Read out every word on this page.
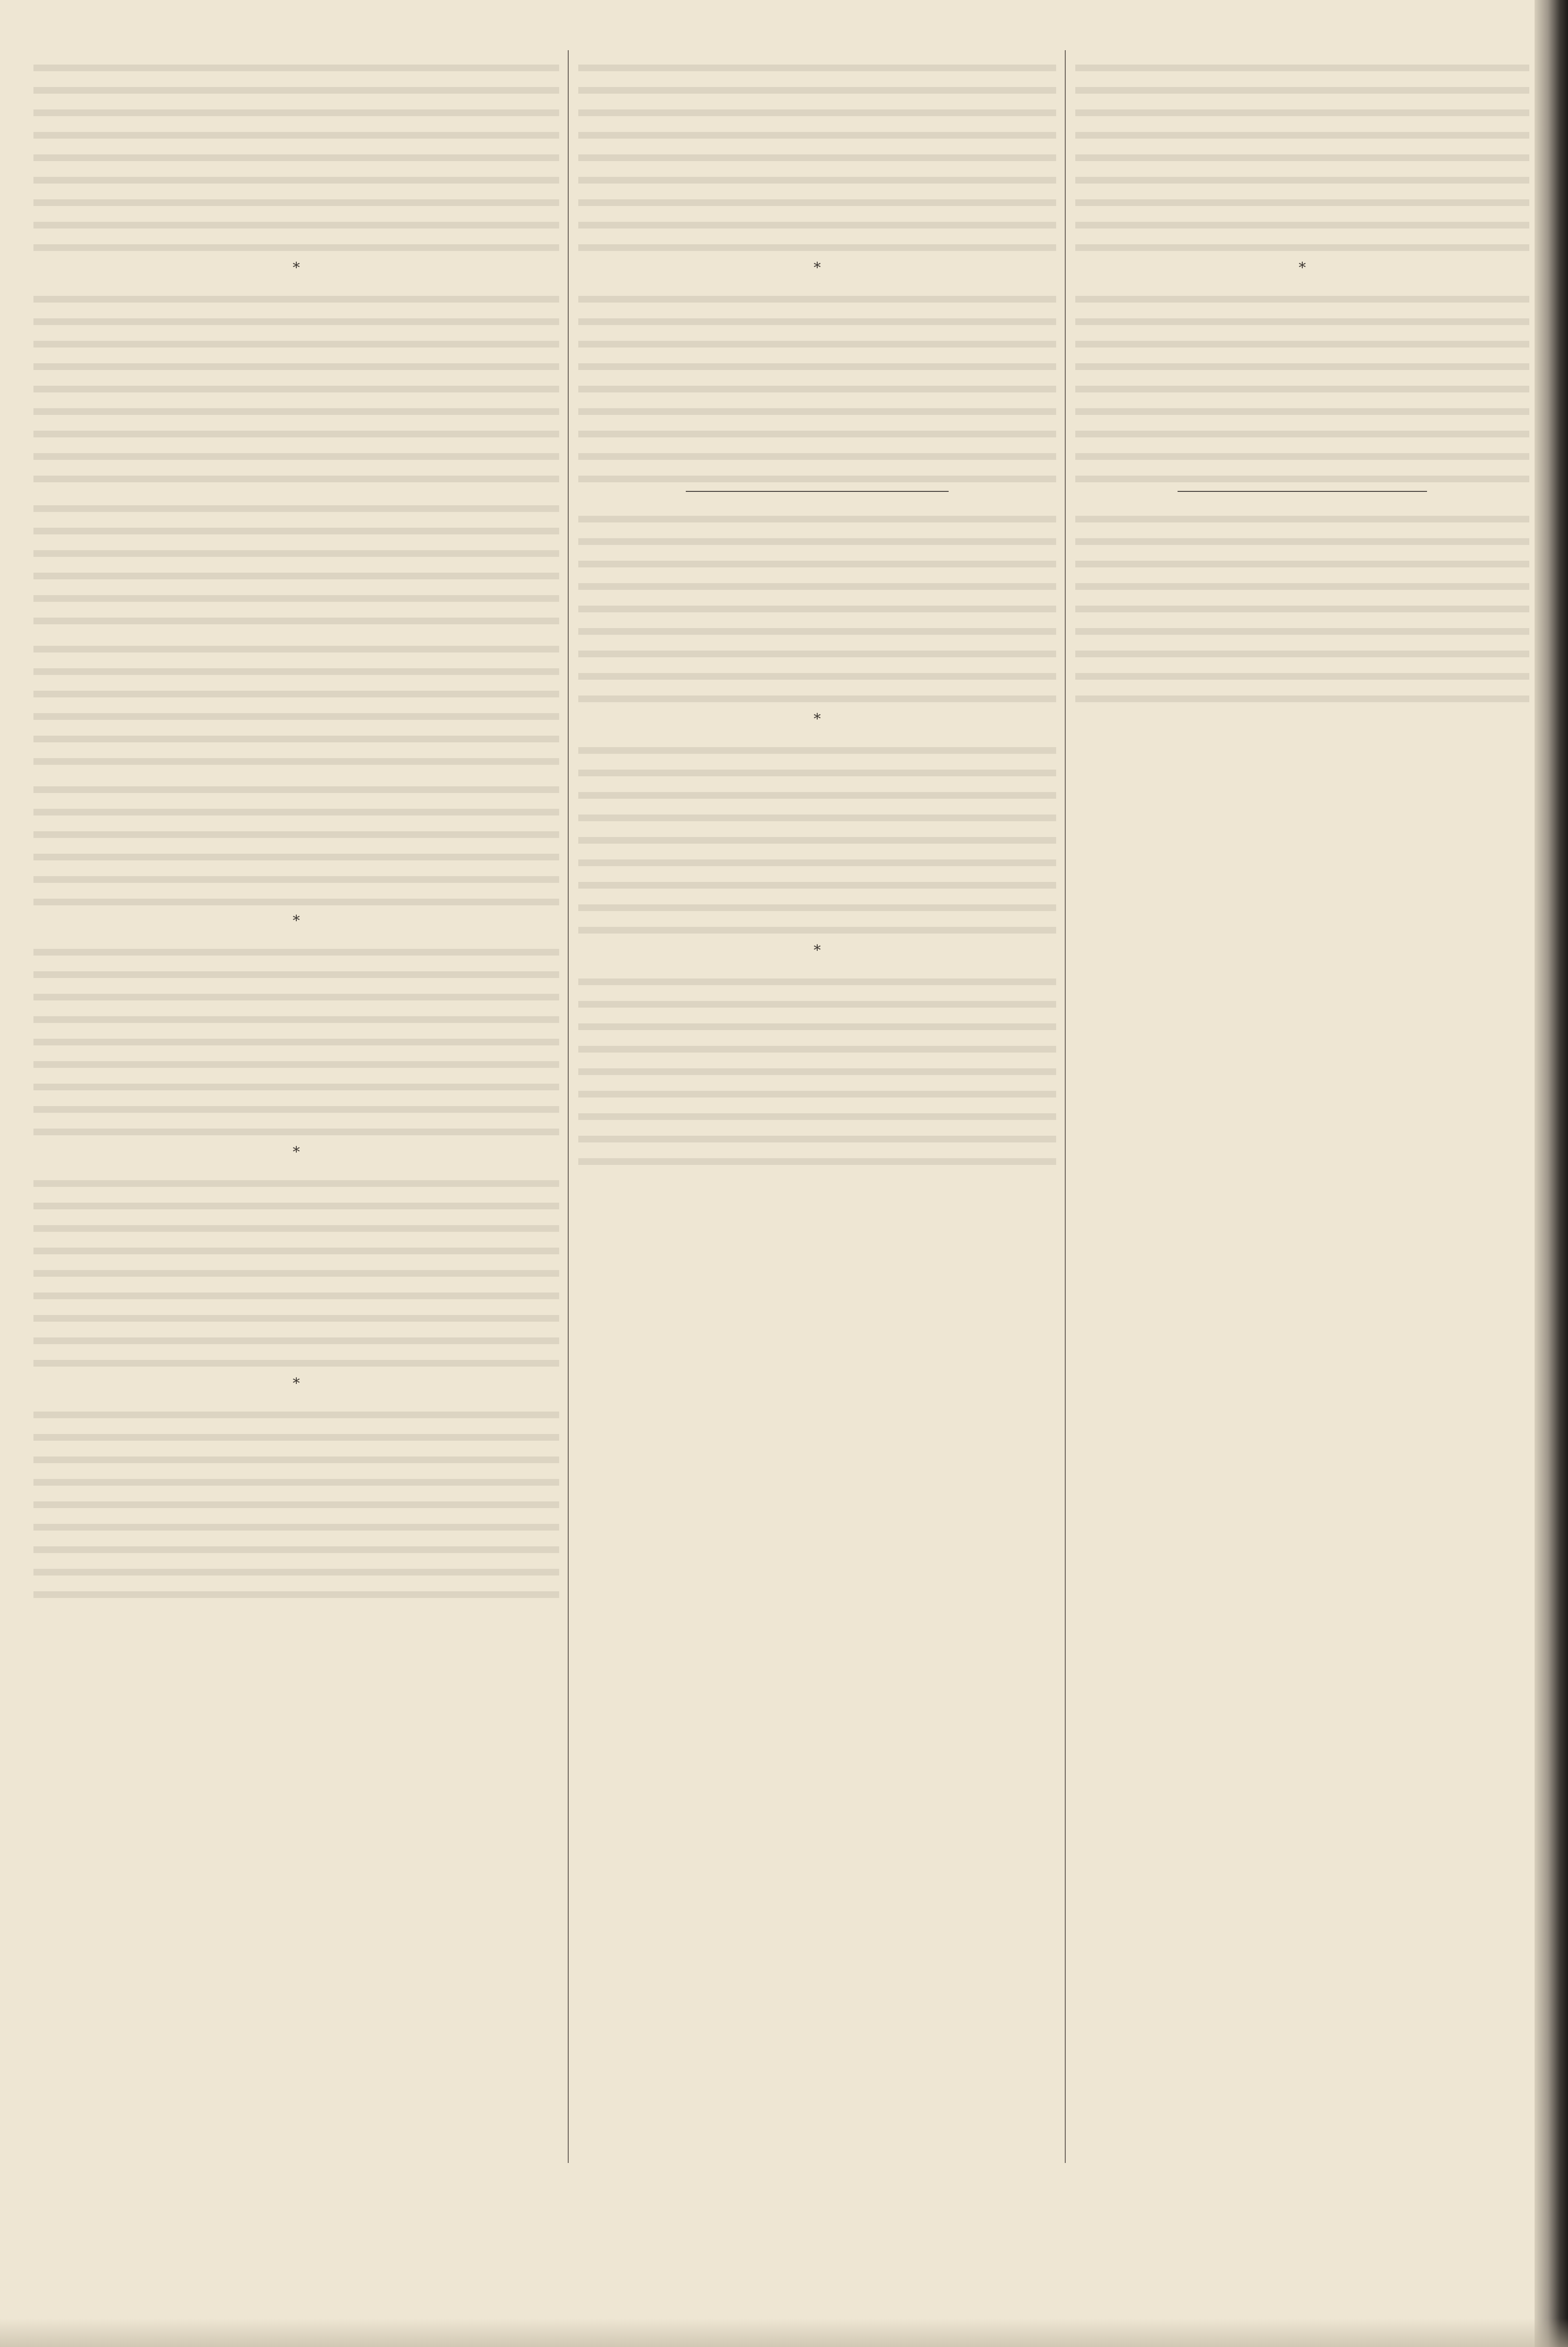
*

*

*

*

*

*

*

*
